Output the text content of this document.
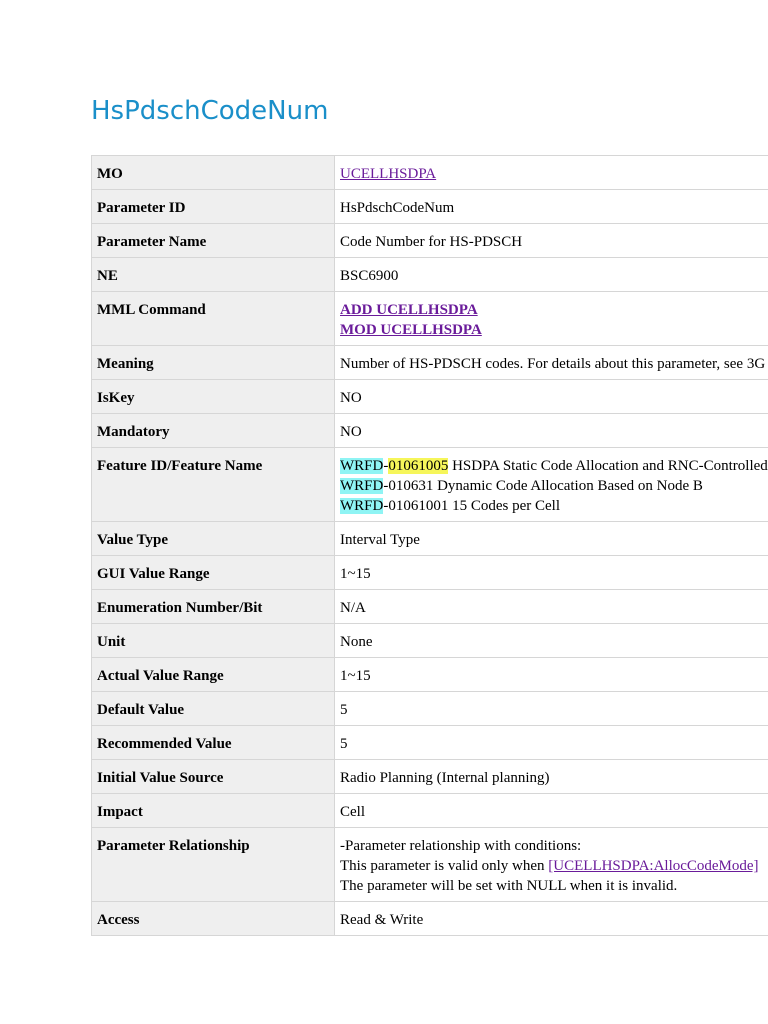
HsPdschCodeNum
MO	UCELLHSDPA
Parameter ID	HsPdschCodeNum
Parameter Name	Code Number for HS-PDSCH
NE	BSC6900
MML Command	ADD UCELLHSDPA
MOD UCELLHSDPA

Meaning	Number of HS-PDSCH codes. For details about this parameter, see 3G
IsKey	NO
Mandatory	NO
Feature ID/Feature Name	WRFD-01061005 HSDPA Static Code Allocation and RNC-Controlled
WRFD-010631 Dynamic Code Allocation Based on Node B
WRFD-01061001 15 Codes per Cell

Value Type	Interval Type
GUI Value Range	1~15
Enumeration Number/Bit	N/A
Unit	None
Actual Value Range	1~15
Default Value	5
Recommended Value	5
Initial Value Source	Radio Planning (Internal planning)
Impact	Cell
Parameter Relationship	-Parameter relationship with conditions:
This parameter is valid only when [UCELLHSDPA:AllocCodeMode]
The parameter will be set with NULL when it is invalid.

Access	Read & Write
